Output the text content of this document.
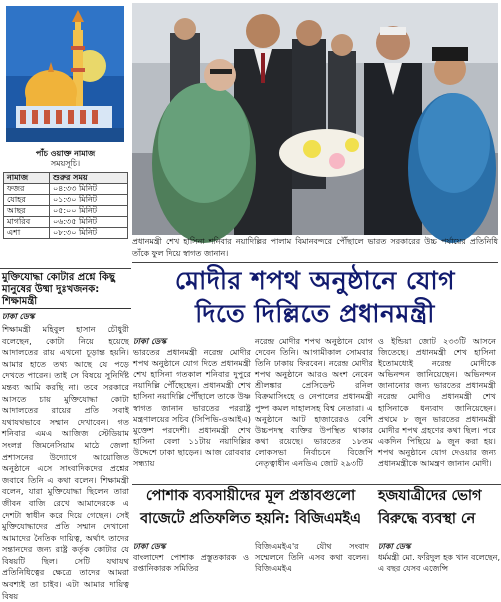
পাঁচ ওয়াক্ত নামাজ
সময়সূচি।
নামাজ	শুরুর সময়
ফজর	০৪:৩৩ মিনিট
যোহর	০১:৩০ মিনিট
আছর	০৫:০০ মিনিট
মাগরিব	০৬:৩৫ মিনিট
এশা	০৮:৩০ মিনিট
প্রধানমন্ত্রী শেখ হাসিনা শনিবার নয়াদিল্লির পালাম বিমানবন্দরে পৌঁছালে ভারত সরকারের উচ্চ পর্যায়ের প্রতিনিধি তাঁকে ফুল দিয়ে স্বাগত জানান।
মোদীর শপথ অনুষ্ঠানে যোগ
দিতে দিল্লিতে প্রধানমন্ত্রী
মুক্তিযোদ্ধা কোটার প্রশ্নে কিছু মানুষের উষ্মা দুঃখজনক: শিক্ষামন্ত্রী
ঢাকা ডেস্ক
শিক্ষামন্ত্রী মহিবুল হাসান চৌধুরী বলেছেন, কোটা নিয়ে হয়েছে আদালতের রায় এখনো চূড়ান্ত হয়নি। আমার হাতে তথ্য আছে যে পড়ে দেখতে পারেন। তাই সে বিষয়ে সুনির্দিষ্ট মন্তব্য আমি করছি না। তবে সরকারে আসতে চায় মুক্তিযোদ্ধা কোটা আদালতের রায়ের প্রতি সবাই যথাযথভাবে সম্মান দেখাবেন। গত শনিবার এমএ আজিজ স্টেডিয়াম সংলগ্ন জিমনেসিয়াম মাঠে জেলা প্রশাসনের উদ্যোগে আয়োজিত অনুষ্ঠানে এসে সাংবাদিকদের প্রশ্নের জবাবে তিনি এ কথা বলেন। শিক্ষামন্ত্রী বলেন, যারা মুক্তিযোদ্ধা ছিলেন তারা জীবন বাজি রেখে আমাদেরকে এ দেশটা স্বাধীন করে দিয়ে গেছেন। সেই মুক্তিযোদ্ধাদের প্রতি সম্মান দেখানো আমাদের নৈতিক দায়িত্ব, অর্থাৎ তাদের সন্তানদের জন্য রাষ্ট্র কর্তৃক কোটার যে বিষয়টি ছিল। সেটি যথাযথ প্রতিনিধিত্বের ক্ষেত্রে তাদের আমরা অবশ্যই তা চাইব। এটা আমার দায়িত্ব বিষয়
ঢাকা ডেস্ক
ভারতের প্রধানমন্ত্রী নরেন্দ্র মোদীর শপথ অনুষ্ঠানে যোগ দিতে প্রধানমন্ত্রী শেখ হাসিনা গতকাল শনিবার দুপুরে নয়াদিল্লি পৌঁছেছেন। প্রধানমন্ত্রী শেখ হাসিনা নয়াদিল্লি পৌঁছালে তাকে উষ্ণ স্বাগত জানান ভারতের পররাষ্ট্র মন্ত্রণালয়ের সচিব (সিপিভি-ওআইএ) মুক্তেশ পরদেশী। প্রধানমন্ত্রী শেখ হাসিনা বেলা ১১টায় নয়াদিল্লির উদ্দেশে ঢাকা ছাড়েন। আজ রোববার সন্ধ্যায়
নরেন্দ্র মোদীর শপথ অনুষ্ঠানে যোগ দেবেন তিনি। আগামীকাল সোমবার তিনি ঢাকায় ফিরবেন। নরেন্দ্র মোদীর শপথ অনুষ্ঠানে আরও অংশ নেবেন শ্রীলঙ্কার প্রেসিডেন্ট রনিল বিক্রমাসিংহে ও নেপালের প্রধানমন্ত্রী পুষ্প কমল দাহালসহ বিশ্ব নেতারা। এ অনুষ্ঠানে আট হাজারেরও বেশি উচ্চপদস্থ ব্যক্তির উপস্থিত থাকার কথা রয়েছে। ভারতের ১৮তম লোকসভা নির্বাচনে বিজেপি নেতৃত্বাধীন এনডিএ জোট ২৯৩টি
ও ইন্ডিয়া জোট ২৩৩টি আসনে জিতেছে। প্রধানমন্ত্রী শেখ হাসিনা ইতোমধ্যেই নরেন্দ্র মোদীকে অভিনন্দন জানিয়েছেন। অভিনন্দন জানানোর জন্য ভারতের প্রধানমন্ত্রী নরেন্দ্র মোদীও প্রধানমন্ত্রী শেখ হাসিনাকে ধন্যবাদ জানিয়েছেন। প্রথমে ৮ জুন ভারতের প্রধানমন্ত্রী মোদীর শপথ গ্রহণের কথা ছিল। পরে একদিন পিছিয়ে ৯ জুন করা হয়। শপথ অনুষ্ঠানে যোগ দেওয়ার জন্য প্রধানমন্ত্রীকে আমন্ত্রণ জানান মোদী।
পোশাক ব্যবসায়ীদের মূল প্রস্তাবগুলো
বাজেটে প্রতিফলিত হয়নি: বিজিএমইএ
ঢাকা ডেস্ক
বাংলাদেশ পোশাক প্রস্তুতকারক ও রপ্তানিকারক সমিতির
বিজিএমইএ'র যৌথ সংবাদ সম্মেলনে তিনি এসব কথা বলেন। বিজিএমইএ
হজযাত্রীদের ভোগ
বিরুদ্ধে ব্যবস্থা নে
ঢাকা ডেস্ক
ধর্মমন্ত্রী মো. ফরিদুল হক খান বলেছেন, এ বছর যেসব এজেন্সি
